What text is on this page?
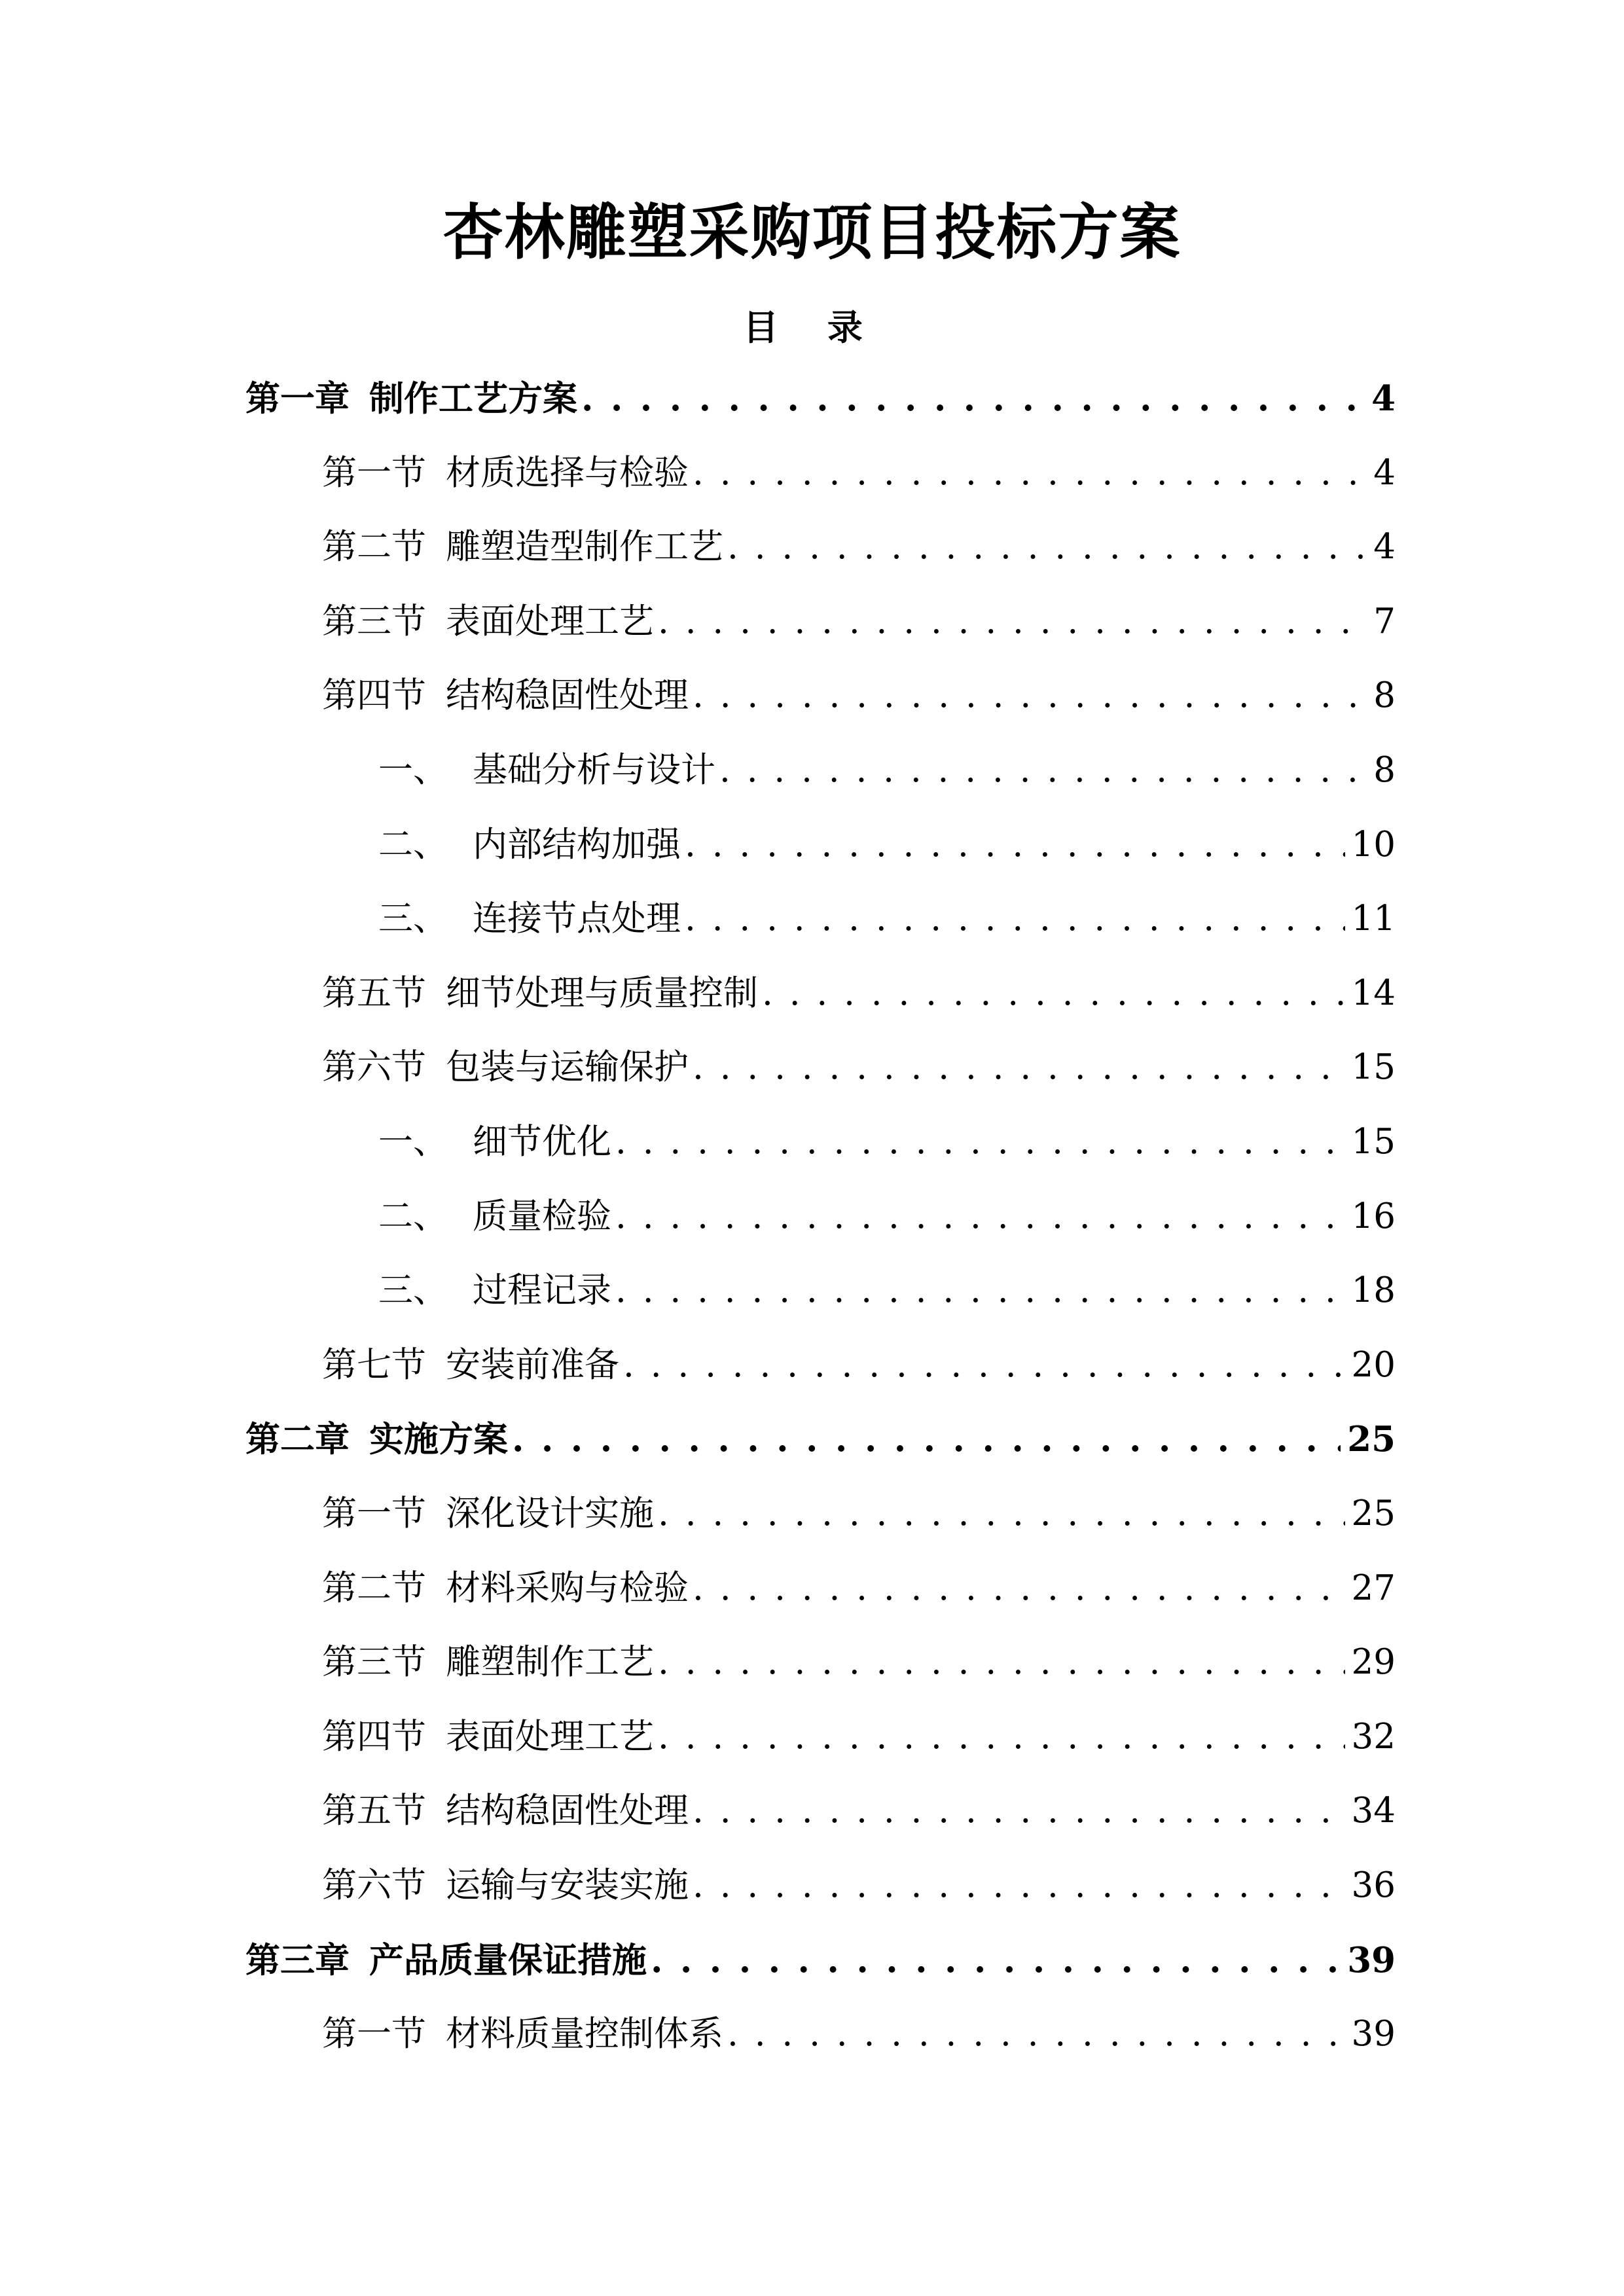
杏林雕塑采购项目投标方案
目 录
第一章 制作工艺方案 . . .	4
第一节 材质选择与检验 . . .	4
第二节 雕塑造型制作工艺 . . .	4
第三节 表面处理工艺 . . .	7
第四节 结构稳固性处理 . . .	8
一、 基础分析与设计 . . .	8
二、 内部结构加强 . . .	10
三、 连接节点处理 . . .	11
第五节 细节处理与质量控制 . . .	14
第六节 包装与运输保护 . . .	15
一、 细节优化 . . .	15
二、 质量检验 . . .	16
三、 过程记录 . . .	18
第七节 安装前准备 . . .	20
第二章 实施方案 . . .	25
第一节 深化设计实施 . . .	25
第二节 材料采购与检验 . . .	27
第三节 雕塑制作工艺 . . .	29
第四节 表面处理工艺 . . .	32
第五节 结构稳固性处理 . . .	34
第六节 运输与安装实施 . . .	36
第三章 产品质量保证措施 . . .	39
第一节 材料质量控制体系 . . .	39
